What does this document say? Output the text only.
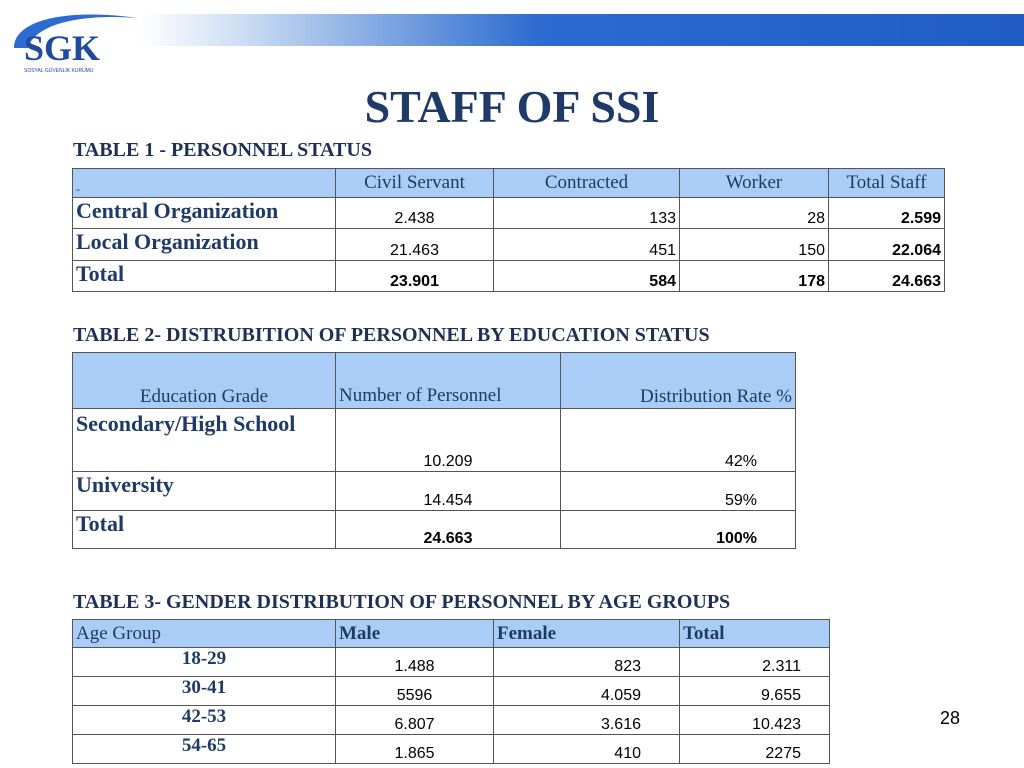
SGK
SOSYAL GÜVENLİK KURUMU
STAFF OF SSI
TABLE 1 - PERSONNEL STATUS
-	Civil Servant	Contracted	Worker	Total Staff
Central Organization	2.438	133	28	2.599
Local Organization	21.463	451	150	22.064
Total	23.901	584	178	24.663
TABLE 2- DISTRUBITION OF PERSONNEL BY EDUCATION STATUS
Education Grade	Number of Personnel	Distribution Rate %
Secondary/High School	10.209	42%
University	14.454	59%
Total	24.663	100%
TABLE 3- GENDER DISTRIBUTION OF PERSONNEL BY AGE GROUPS
Age Group	Male	Female	Total
18-29	1.488	823	2.311
30-41	5596	4.059	9.655
42-53	6.807	3.616	10.423
54-65	1.865	410	2275
28
